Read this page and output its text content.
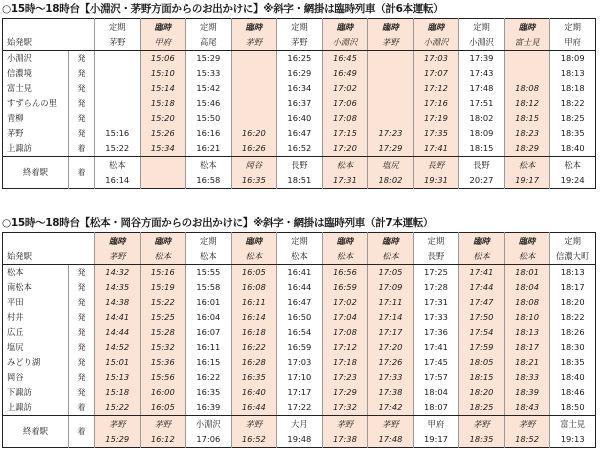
○15時～18時台【小淵沢・茅野方面からのお出かけに】※斜字・網掛は臨時列車（計6本運転）
		定期	臨時	定期	臨時	定期	臨時	臨時	臨時	定期	臨時	定期
始発駅		茅野	甲府	高尾	茅野	茅野	小淵沢	茅野	小淵沢	小淵沢	富士見	甲府
小淵沢	発		15:06	15:29		16:25	16:45		17:03	17:39		18:09
信濃境	発		15:10	15:33		16:29	16:49		17:07	17:43		18:13
富士見	発		15:14	15:42		16:34	17:02		17:12	17:48	18:08	18:18
すずらんの里	発		15:18	15:46		16:37	17:06		17:16	17:51	18:12	18:22
青柳	発		15:20	15:50		16:40	17:08		17:19	18:02	18:15	18:25
茅野	発	15:16	15:26	16:16	16:20	16:47	17:15	17:23	17:35	18:09	18:23	18:35
上諏訪	着	15:22	15:34	16:21	16:26	16:52	17:20	17:29	17:41	18:15	18:29	18:40
終着駅	着	松本		松本	岡谷	長野	松本	塩尻	長野	長野	松本	松本
		16:14		16:58	16:35	18:51	17:31	18:02	19:31	20:27	19:17	19:24
○15時～18時台【松本・岡谷方面からのお出かけに】※斜字・網掛は臨時列車（計7本運転）
		臨時	臨時	定期	臨時	定期	臨時	臨時	定期	臨時	臨時	定期
始発駅		茅野	松本	松本	松本	松本	松本	松本	長野	松本	松本	信濃大町
松本	発	14:32	15:16	15:55	16:05	16:41	16:56	17:05	17:25	17:41	18:01	18:13
南松本	発	14:35	15:19	15:58	16:08	16:44	16:59	17:09	17:28	17:44	18:04	18:17
平田	発	14:38	15:22	16:01	16:11	16:47	17:02	17:11	17:31	17:47	18:08	18:20
村井	発	14:41	15:25	16:04	16:14	16:50	17:04	17:14	17:33	17:50	18:10	18:22
広丘	発	14:44	15:28	16:07	16:18	16:54	17:08	17:17	17:36	17:54	18:13	18:26
塩尻	発	14:52	15:32	16:11	16:22	16:59	17:12	17:20	17:41	17:59	18:17	18:30
みどり湖	発	15:01	15:36	16:15	16:28	17:03	17:18	17:26	17:45	18:05	18:21	18:35
岡谷	発	15:13	15:56	16:22	16:35	17:10	17:23	17:33	17:57	18:15	18:33	18:40
下諏訪	発	15:18	16:00	16:35	16:40	17:17	17:29	17:38	18:04	18:20	18:39	18:46
上諏訪	着	15:22	16:05	16:39	16:44	17:22	17:32	17:42	18:07	18:25	18:43	18:50
終着駅	着	茅野	茅野	小淵沢	茅野	大月	茅野	茅野	甲府	茅野	茅野	富士見
		15:29	16:12	17:06	16:52	19:48	17:38	17:48	19:17	18:35	18:52	19:13
